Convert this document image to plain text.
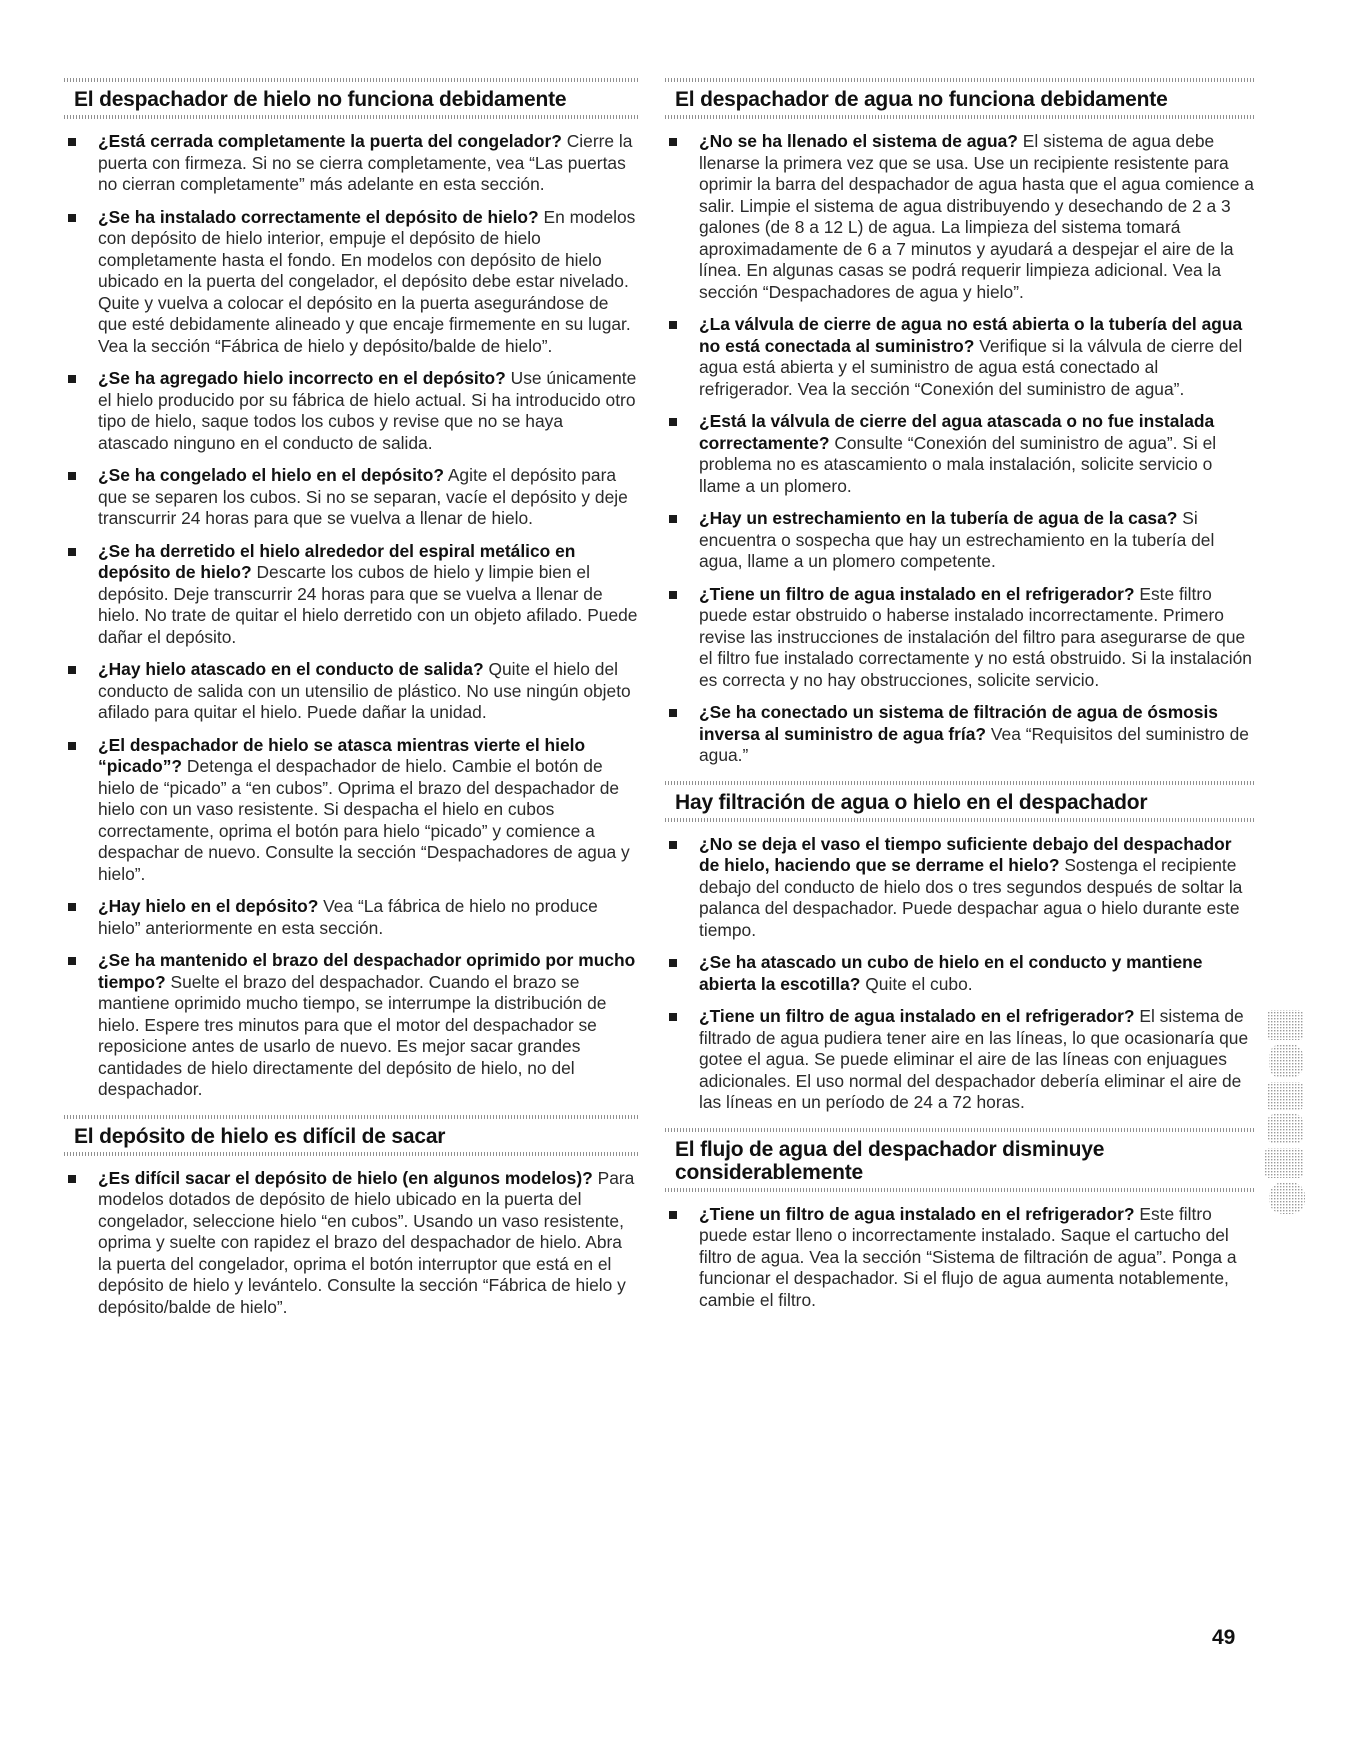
El despachador de hielo no funciona debidamente
¿Está cerrada completamente la puerta del congelador? Cierre la puerta con firmeza. Si no se cierra completamente, vea “Las puertas no cierran completamente” más adelante en esta sección.
¿Se ha instalado correctamente el depósito de hielo? En modelos con depósito de hielo interior, empuje el depósito de hielo completamente hasta el fondo. En modelos con depósito de hielo ubicado en la puerta del congelador, el depósito debe estar nivelado. Quite y vuelva a colocar el depósito en la puerta asegurándose de que esté debidamente alineado y que encaje firmemente en su lugar. Vea la sección “Fábrica de hielo y depósito/balde de hielo”.
¿Se ha agregado hielo incorrecto en el depósito? Use únicamente el hielo producido por su fábrica de hielo actual. Si ha introducido otro tipo de hielo, saque todos los cubos y revise que no se haya atascado ninguno en el conducto de salida.
¿Se ha congelado el hielo en el depósito? Agite el depósito para que se separen los cubos. Si no se separan, vacíe el depósito y deje transcurrir 24 horas para que se vuelva a llenar de hielo.
¿Se ha derretido el hielo alrededor del espiral metálico en depósito de hielo? Descarte los cubos de hielo y limpie bien el depósito. Deje transcurrir 24 horas para que se vuelva a llenar de hielo. No trate de quitar el hielo derretido con un objeto afilado. Puede dañar el depósito.
¿Hay hielo atascado en el conducto de salida? Quite el hielo del conducto de salida con un utensilio de plástico. No use ningún objeto afilado para quitar el hielo. Puede dañar la unidad.
¿El despachador de hielo se atasca mientras vierte el hielo “picado”? Detenga el despachador de hielo. Cambie el botón de hielo de “picado” a “en cubos”. Oprima el brazo del despachador de hielo con un vaso resistente. Si despacha el hielo en cubos correctamente, oprima el botón para hielo “picado” y comience a despachar de nuevo. Consulte la sección “Despachadores de agua y hielo”.
¿Hay hielo en el depósito? Vea “La fábrica de hielo no produce hielo” anteriormente en esta sección.
¿Se ha mantenido el brazo del despachador oprimido por mucho tiempo? Suelte el brazo del despachador. Cuando el brazo se mantiene oprimido mucho tiempo, se interrumpe la distribución de hielo. Espere tres minutos para que el motor del despachador se reposicione antes de usarlo de nuevo. Es mejor sacar grandes cantidades de hielo directamente del depósito de hielo, no del despachador.
El depósito de hielo es difícil de sacar
¿Es difícil sacar el depósito de hielo (en algunos modelos)? Para modelos dotados de depósito de hielo ubicado en la puerta del congelador, seleccione hielo “en cubos”. Usando un vaso resistente, oprima y suelte con rapidez el brazo del despachador de hielo. Abra la puerta del congelador, oprima el botón interruptor que está en el depósito de hielo y levántelo. Consulte la sección “Fábrica de hielo y depósito/balde de hielo”.
El despachador de agua no funciona debidamente
¿No se ha llenado el sistema de agua? El sistema de agua debe llenarse la primera vez que se usa. Use un recipiente resistente para oprimir la barra del despachador de agua hasta que el agua comience a salir. Limpie el sistema de agua distribuyendo y desechando de 2 a 3 galones (de 8 a 12 L) de agua. La limpieza del sistema tomará aproximadamente de 6 a 7 minutos y ayudará a despejar el aire de la línea. En algunas casas se podrá requerir limpieza adicional. Vea la sección “Despachadores de agua y hielo”.
¿La válvula de cierre de agua no está abierta o la tubería del agua no está conectada al suministro? Verifique si la válvula de cierre del agua está abierta y el suministro de agua está conectado al refrigerador. Vea la sección “Conexión del suministro de agua”.
¿Está la válvula de cierre del agua atascada o no fue instalada correctamente? Consulte “Conexión del suministro de agua”. Si el problema no es atascamiento o mala instalación, solicite servicio o llame a un plomero.
¿Hay un estrechamiento en la tubería de agua de la casa? Si encuentra o sospecha que hay un estrechamiento en la tubería del agua, llame a un plomero competente.
¿Tiene un filtro de agua instalado en el refrigerador? Este filtro puede estar obstruido o haberse instalado incorrectamente. Primero revise las instrucciones de instalación del filtro para asegurarse de que el filtro fue instalado correctamente y no está obstruido. Si la instalación es correcta y no hay obstrucciones, solicite servicio.
¿Se ha conectado un sistema de filtración de agua de ósmosis inversa al suministro de agua fría? Vea “Requisitos del suministro de agua.”
Hay filtración de agua o hielo en el despachador
¿No se deja el vaso el tiempo suficiente debajo del despachador de hielo, haciendo que se derrame el hielo? Sostenga el recipiente debajo del conducto de hielo dos o tres segundos después de soltar la palanca del despachador. Puede despachar agua o hielo durante este tiempo.
¿Se ha atascado un cubo de hielo en el conducto y mantiene abierta la escotilla? Quite el cubo.
¿Tiene un filtro de agua instalado en el refrigerador? El sistema de filtrado de agua pudiera tener aire en las líneas, lo que ocasionaría que gotee el agua. Se puede eliminar el aire de las líneas con enjuagues adicionales. El uso normal del despachador debería eliminar el aire de las líneas en un período de 24 a 72 horas.
El flujo de agua del despachador disminuye considerablemente
¿Tiene un filtro de agua instalado en el refrigerador? Este filtro puede estar lleno o incorrectamente instalado. Saque el cartucho del filtro de agua. Vea la sección “Sistema de filtración de agua”. Ponga a funcionar el despachador. Si el flujo de agua aumenta notablemente, cambie el filtro.
49
